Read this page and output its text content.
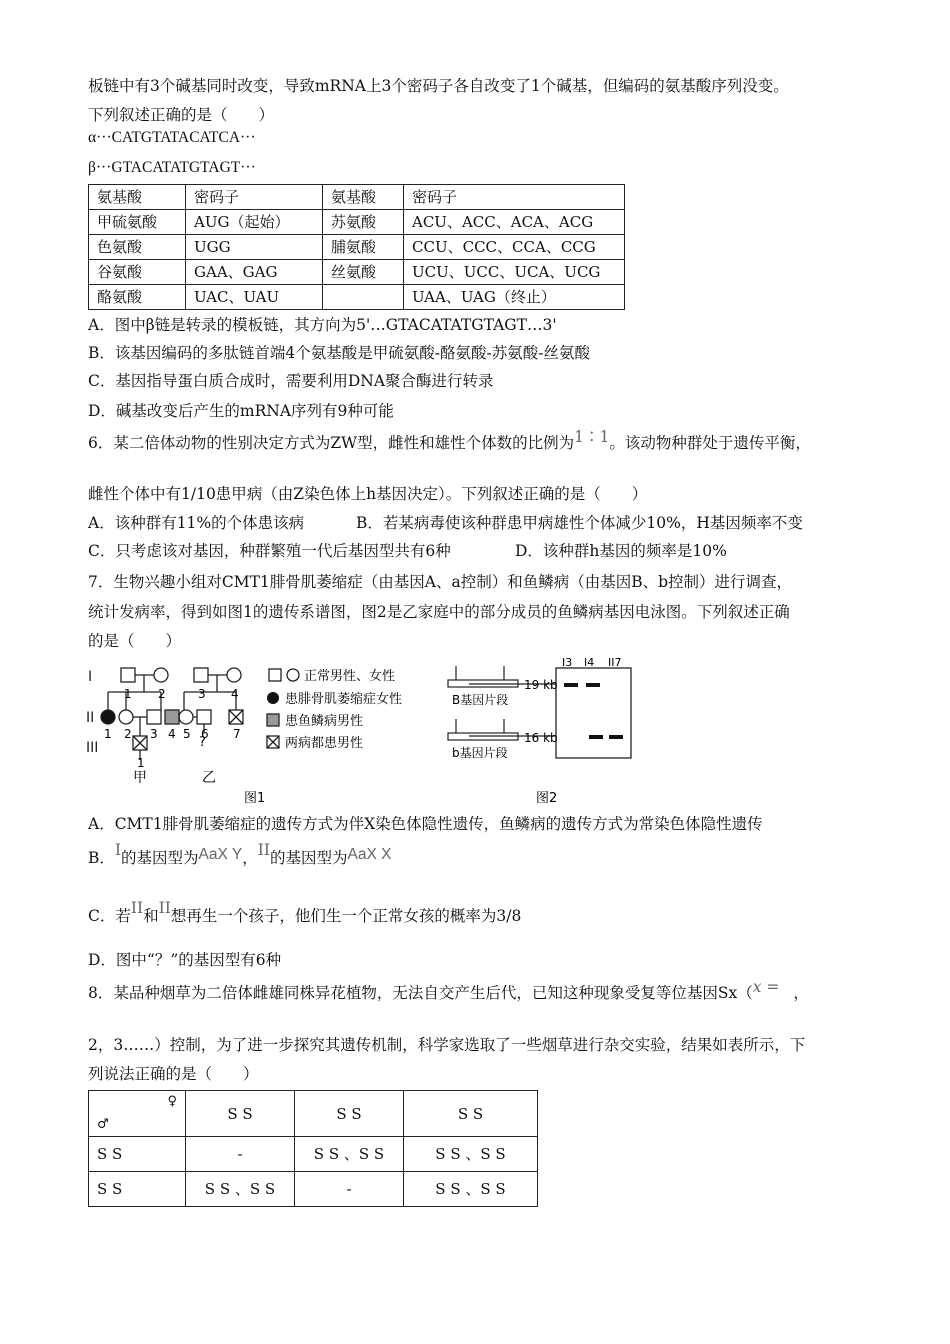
板链中有3个碱基同时改变，导致mRNA上3个密码子各自改变了1个碱基，但编码的氨基酸序列没变。
下列叙述正确的是（　　）
α···CATGTATACATCA···
β···GTACATATGTAGT···
氨基酸	密码子	氨基酸	密码子
甲硫氨酸	AUG（起始）	苏氨酸	ACU、ACC、ACA、ACG
色氨酸	UGG	脯氨酸	CCU、CCC、CCA、CCG
谷氨酸	GAA、GAG	丝氨酸	UCU、UCC、UCA、UCG
酪氨酸	UAC、UAU		UAA、UAG（终止）
A．图中β链是转录的模板链，其方向为5'…GTACATATGTAGT…3'
B．该基因编码的多肽链首端4个氨基酸是甲硫氨酸-酪氨酸-苏氨酸-丝氨酸
C．基因指导蛋白质合成时，需要利用DNA聚合酶进行转录
D．碱基改变后产生的mRNA序列有9种可能
6．某二倍体动物的性别决定方式为ZW型，雌性和雄性个体数的比例为1∶1。该动物种群处于遗传平衡，
雌性个体中有1/10患甲病（由Z染色体上h基因决定）。下列叙述正确的是（　　）
A．该种群有11%的个体患该病	B．若某病毒使该种群患甲病雄性个体减少10%，H基因频率不变
C．只考虑该对基因，种群繁殖一代后基因型共有6种	D．该种群h基因的频率是10%
7．生物兴趣小组对CMT1腓骨肌萎缩症（由基因A、a控制）和鱼鳞病（由基因B、b控制）进行调查，
统计发病率，得到如图1的遗传系谱图，图2是乙家庭中的部分成员的鱼鳞病基因电泳图。下列叙述正确
的是（　　）
I
II
III
1 2	3 4
1 2 3 4 5 6 7
1
?
甲	乙
图1
正常男性、女性
患腓骨肌萎缩症女性
患鱼鳞病男性
两病都患男性
B基因片段
b基因片段
19 kb
16 kb
I3 I4 II7
图2
A．CMT1腓骨肌萎缩症的遗传方式为伴X染色体隐性遗传，鱼鳞病的遗传方式为常染色体隐性遗传
B．I的基因型为AaX Y，II的基因型为AaX X
C．若II和II想再生一个孩子，他们生一个正常女孩的概率为3/8
D．图中“？”的基因型有6种
8．某品种烟草为二倍体雌雄同株异花植物，无法自交产生后代，已知这种现象受复等位基因Sx（x = ，
2，3……）控制，为了进一步探究其遗传机制，科学家选取了一些烟草进行杂交实验，结果如表所示，下
列说法正确的是（　　）
♀
♂	S S	S S	S S
S S	-	S S 、S S	S S 、S S
S S	S S 、S S	-	S S 、S S
